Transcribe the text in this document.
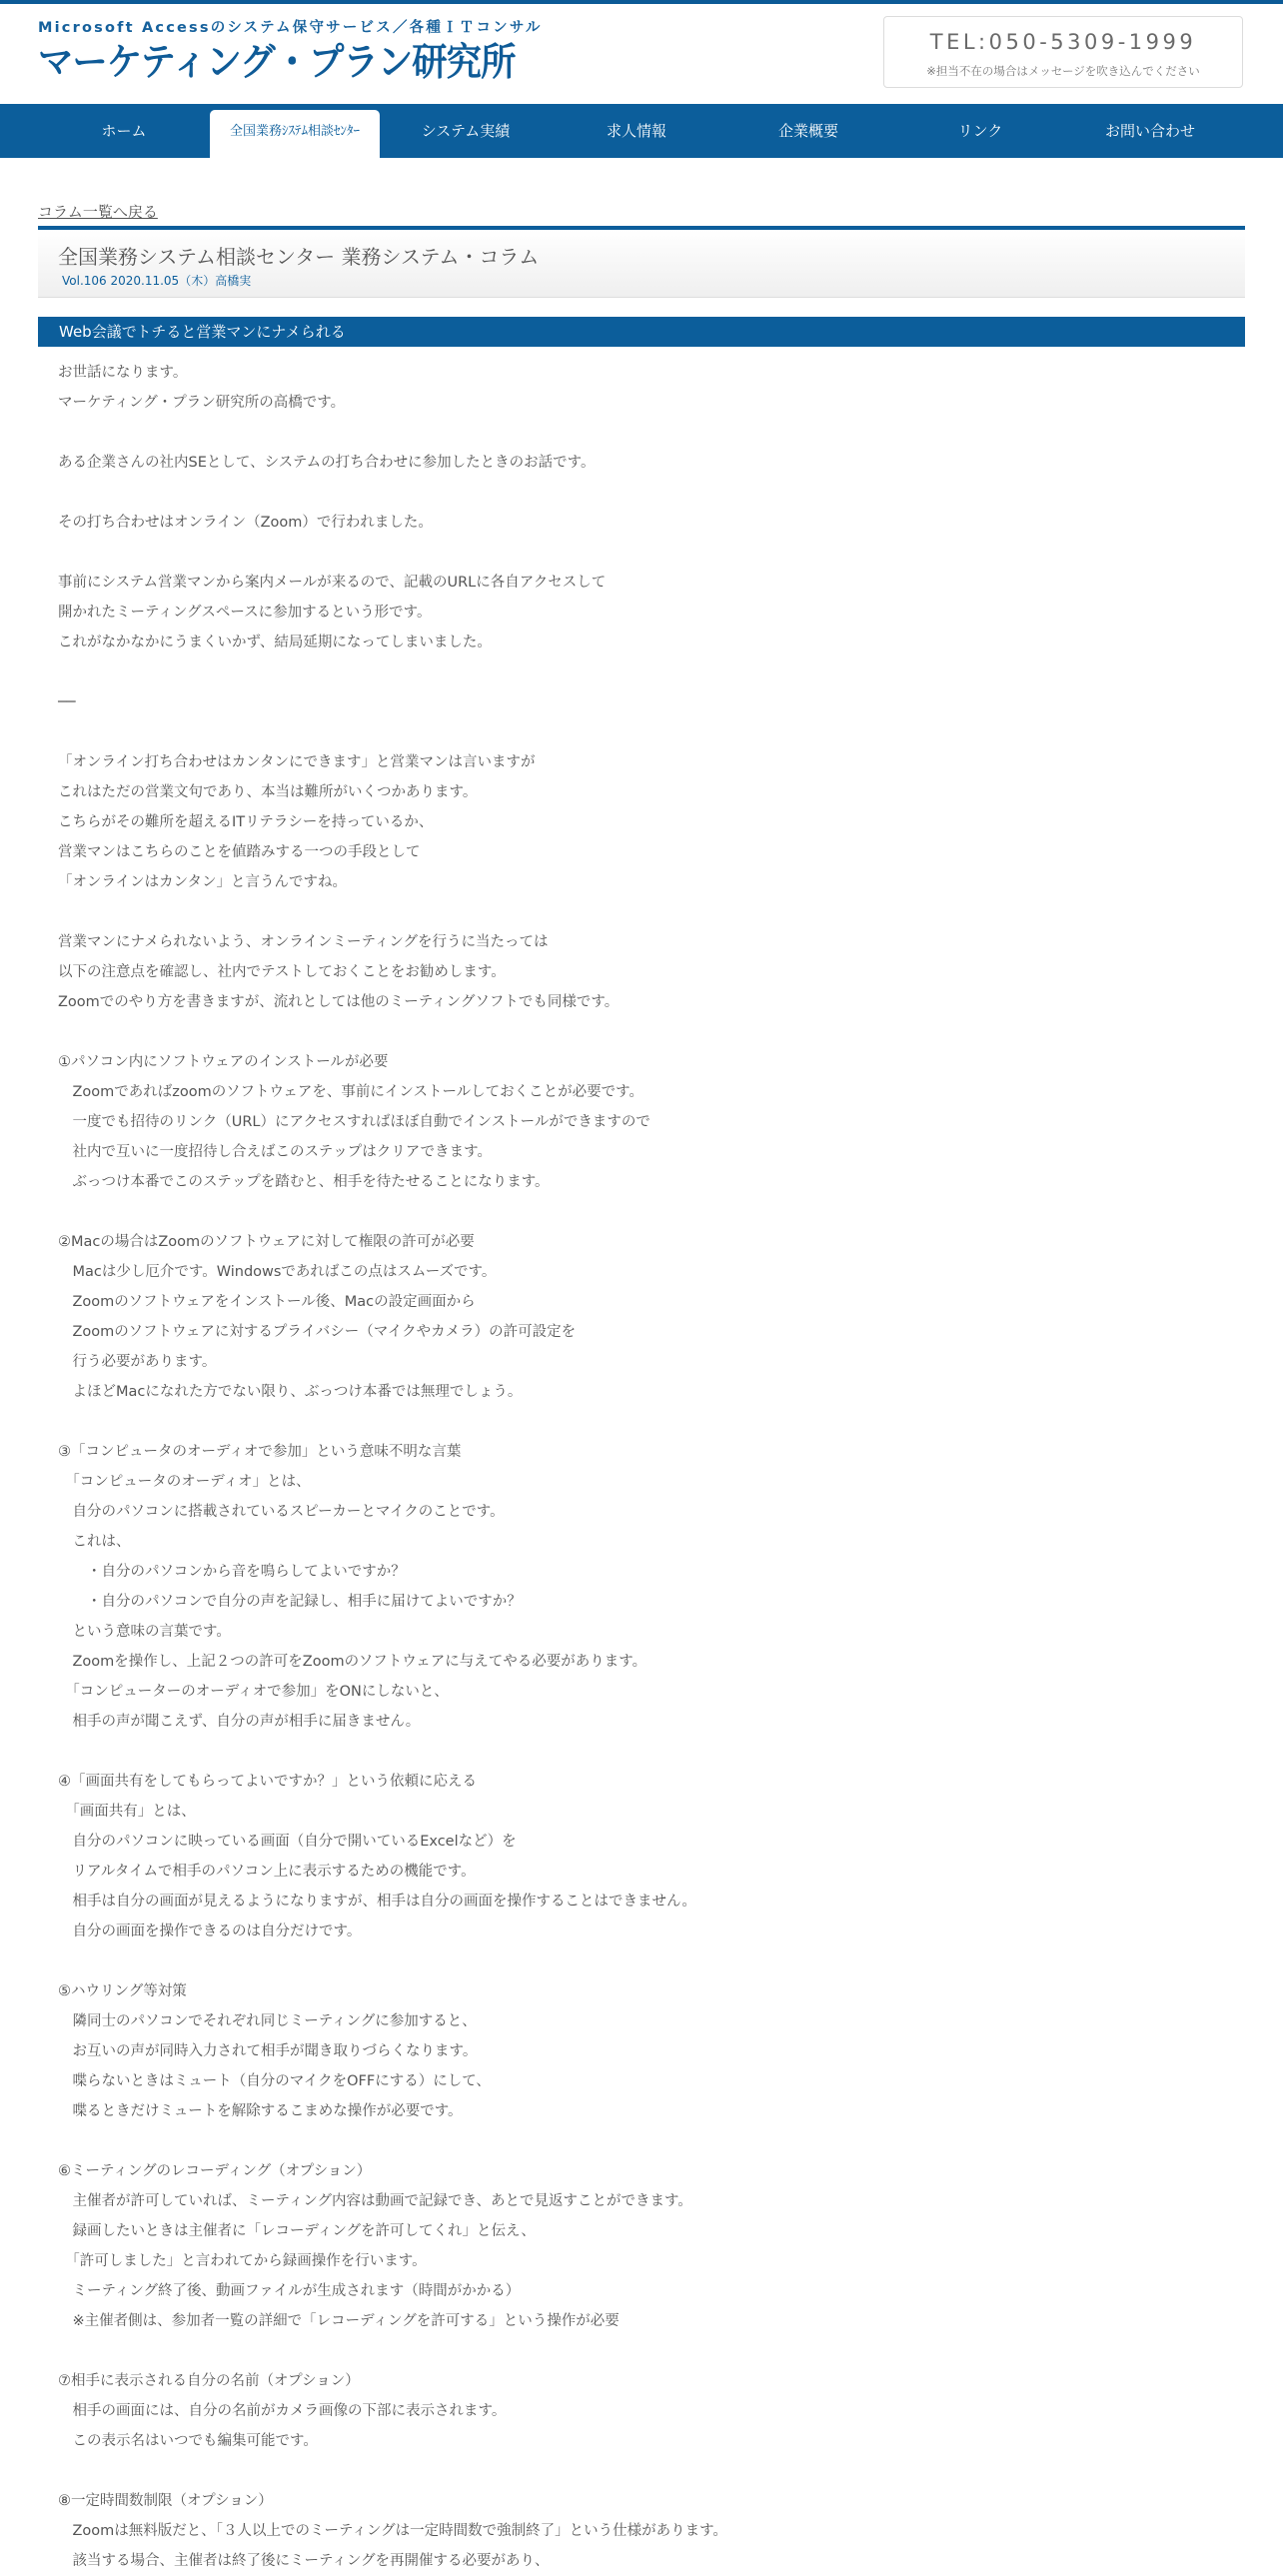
Microsoft Accessのシステム保守サービス／各種ＩＴコンサル
マーケティング・プラン研究所	TEL:050-5309-1999
※担当不在の場合はメッセージを吹き込んでください
ホーム	全国業務ｼｽﾃﾑ相談ｾﾝﾀｰ	システム実績	求人情報	企業概要	リンク	お問い合わせ
コラム一覧へ戻る
全国業務システム相談センター 業務システム・コラム
Vol.106 2020.11.05（木）高橋実
Web会議でトチると営業マンにナメられる
お世話になります。
マーケティング・プラン研究所の高橋です。
ある企業さんの社内SEとして、システムの打ち合わせに参加したときのお話です。
その打ち合わせはオンライン（Zoom）で行われました。
事前にシステム営業マンから案内メールが来るので、記載のURLに各自アクセスして
開かれたミーティングスペースに参加するという形です。
これがなかなかにうまくいかず、結局延期になってしまいました。
──
「オンライン打ち合わせはカンタンにできます」と営業マンは言いますが
これはただの営業文句であり、本当は難所がいくつかあります。
こちらがその難所を超えるITリテラシーを持っているか、
営業マンはこちらのことを値踏みする一つの手段として
「オンラインはカンタン」と言うんですね。
営業マンにナメられないよう、オンラインミーティングを行うに当たっては
以下の注意点を確認し、社内でテストしておくことをお勧めします。
Zoomでのやり方を書きますが、流れとしては他のミーティングソフトでも同様です。
①パソコン内にソフトウェアのインストールが必要
　Zoomであればzoomのソフトウェアを、事前にインストールしておくことが必要です。
　一度でも招待のリンク（URL）にアクセスすればほぼ自動でインストールができますので
　社内で互いに一度招待し合えばこのステップはクリアできます。
　ぶっつけ本番でこのステップを踏むと、相手を待たせることになります。
②Macの場合はZoomのソフトウェアに対して権限の許可が必要
　Macは少し厄介です。Windowsであればこの点はスムーズです。
　Zoomのソフトウェアをインストール後、Macの設定画面から
　Zoomのソフトウェアに対するプライバシー（マイクやカメラ）の許可設定を
　行う必要があります。
　よほどMacになれた方でない限り、ぶっつけ本番では無理でしょう。
③「コンピュータのオーディオで参加」という意味不明な言葉
　「コンピュータのオーディオ」とは、
　自分のパソコンに搭載されているスピーカーとマイクのことです。
　これは、
　　・自分のパソコンから音を鳴らしてよいですか？
　　・自分のパソコンで自分の声を記録し、相手に届けてよいですか？
　という意味の言葉です。
　Zoomを操作し、上記２つの許可をZoomのソフトウェアに与えてやる必要があります。
　「コンピューターのオーディオで参加」をONにしないと、
　相手の声が聞こえず、自分の声が相手に届きません。
④「画面共有をしてもらってよいですか？」という依頼に応える
　「画面共有」とは、
　自分のパソコンに映っている画面（自分で開いているExcelなど）を
　リアルタイムで相手のパソコン上に表示するための機能です。
　相手は自分の画面が見えるようになりますが、相手は自分の画面を操作することはできません。
　自分の画面を操作できるのは自分だけです。
⑤ハウリング等対策
　隣同士のパソコンでそれぞれ同じミーティングに参加すると、
　お互いの声が同時入力されて相手が聞き取りづらくなります。
　喋らないときはミュート（自分のマイクをOFFにする）にして、
　喋るときだけミュートを解除するこまめな操作が必要です。
⑥ミーティングのレコーディング（オプション）
　主催者が許可していれば、ミーティング内容は動画で記録でき、あとで見返すことができます。
　録画したいときは主催者に「レコーディングを許可してくれ」と伝え、
　「許可しました」と言われてから録画操作を行います。
　ミーティング終了後、動画ファイルが生成されます（時間がかかる）
　※主催者側は、参加者一覧の詳細で「レコーディングを許可する」という操作が必要
⑦相手に表示される自分の名前（オプション）
　相手の画面には、自分の名前がカメラ画像の下部に表示されます。
　この表示名はいつでも編集可能です。
⑧一定時間数制限（オプション）
　Zoomは無料版だと、「３人以上でのミーティングは一定時間数で強制終了」という仕様があります。
　該当する場合、主催者は終了後にミーティングを再開催する必要があり、
